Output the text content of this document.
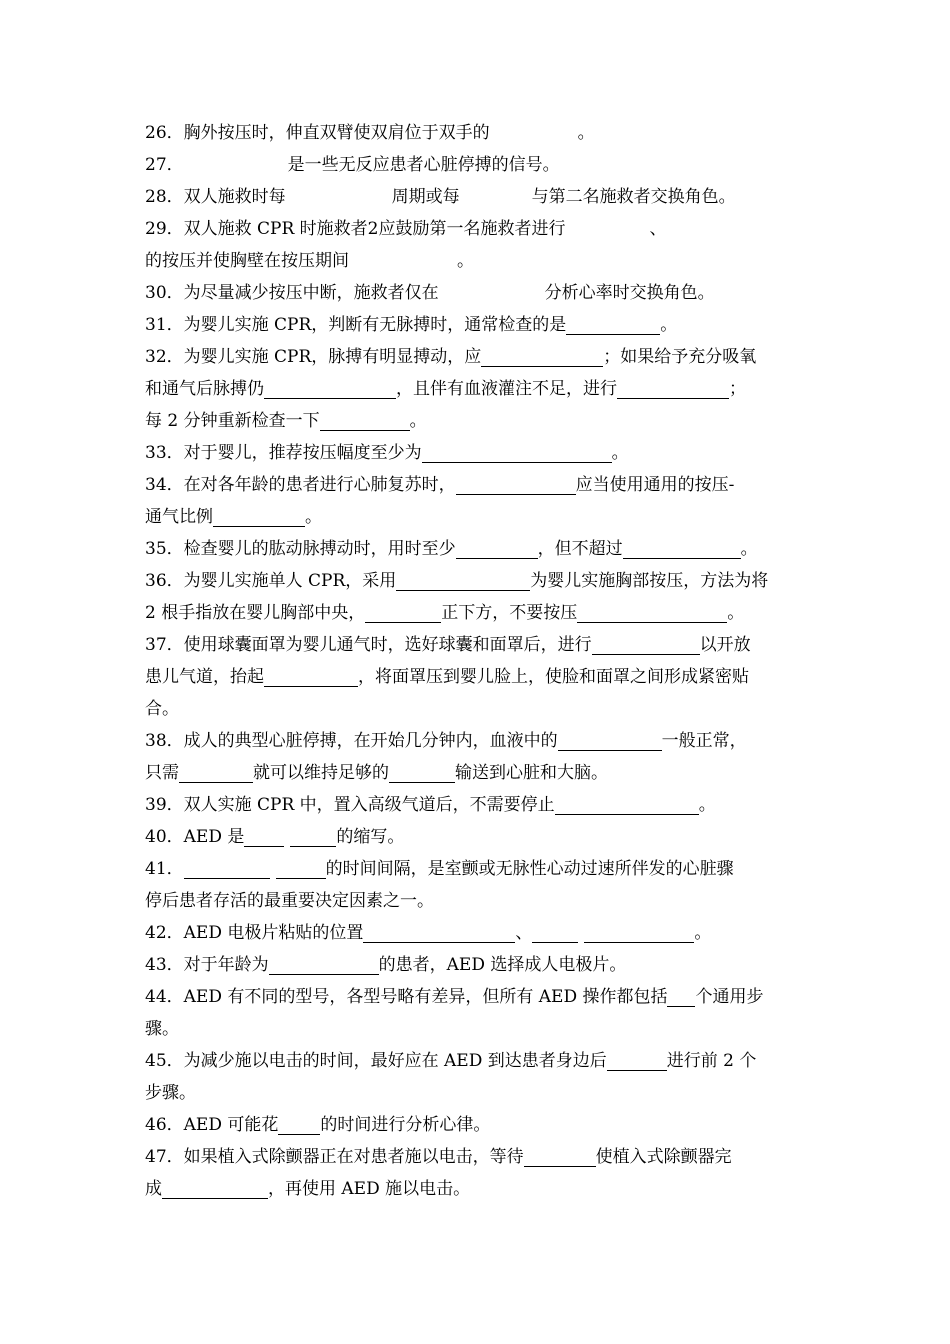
26．胸外按压时，伸直双臂使双肩位于双手的	。
27．	是一些无反应患者心脏停搏的信号。
28．双人施救时每	周期或每	与第二名施救者交换角色。
29．双人施救 CPR 时施救者2应鼓励第一名施救者进行	、
的按压并使胸壁在按压期间	。
30．为尽量减少按压中断，施救者仅在	分析心率时交换角色。
31．为婴儿实施 CPR，判断有无脉搏时，通常检查的是	。
32．为婴儿实施 CPR，脉搏有明显搏动，应	；如果给予充分吸氧
和通气后脉搏仍	，且伴有血液灌注不足，进行	；
每 2 分钟重新检查一下	。
33．对于婴儿，推荐按压幅度至少为	。
34．在对各年龄的患者进行心肺复苏时，	应当使用通用的按压-
通气比例	。
35．检查婴儿的肱动脉搏动时，用时至少	，但不超过	。
36．为婴儿实施单人 CPR，采用	为婴儿实施胸部按压，方法为将
2 根手指放在婴儿胸部中央，	正下方，不要按压	。
37．使用球囊面罩为婴儿通气时，选好球囊和面罩后，进行	以开放
患儿气道，抬起	，将面罩压到婴儿脸上，使脸和面罩之间形成紧密贴
合。
38．成人的典型心脏停搏，在开始几分钟内，血液中的	一般正常，
只需	就可以维持足够的	输送到心脏和大脑。
39．双人实施 CPR 中，置入高级气道后，不需要停止	。
40．AED 是	的缩写。
41．	的时间间隔，是室颤或无脉性心动过速所伴发的心脏骤
停后患者存活的最重要决定因素之一。
42．AED 电极片粘贴的位置	、	。
43．对于年龄为	的患者，AED 选择成人电极片。
44．AED 有不同的型号，各型号略有差异，但所有 AED 操作都包括 个通用步
骤。
45．为减少施以电击的时间，最好应在 AED 到达患者身边后	进行前 2 个
步骤。
46．AED 可能花 的时间进行分析心律。
47．如果植入式除颤器正在对患者施以电击，等待	使植入式除颤器完
成	，再使用 AED 施以电击。
